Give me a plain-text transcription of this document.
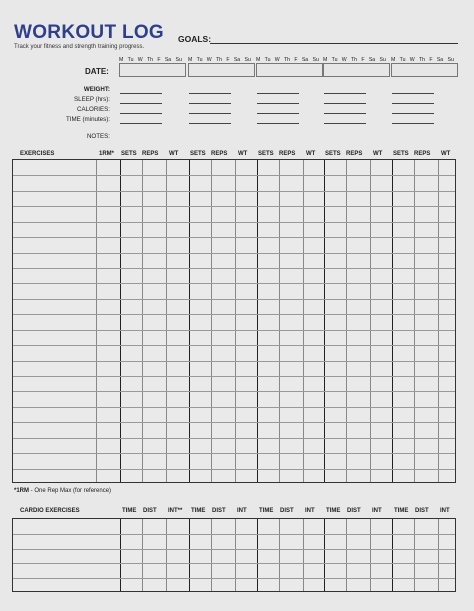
WORKOUT LOG
Track your fitness and strength training progress.
GOALS:
M Tu W Th F Sa Su	M Tu W Th F Sa Su M Tu W Th F Sa Su M Tu W Th F Sa Su M Tu W Th F Sa Su
DATE:
WEIGHT:
SLEEP (hrs):
CALORIES:
TIME (minutes):
NOTES:
EXERCISES	1RM* SETS REPS WT SETS REPS WT SETS REPS WT SETS REPS WT SETS REPS WT
*1RM - One Rep Max (for reference)
CARDIO EXERCISES	TIME DIST INT** TIME DIST INT TIME DIST INT TIME DIST INT TIME DIST INT
